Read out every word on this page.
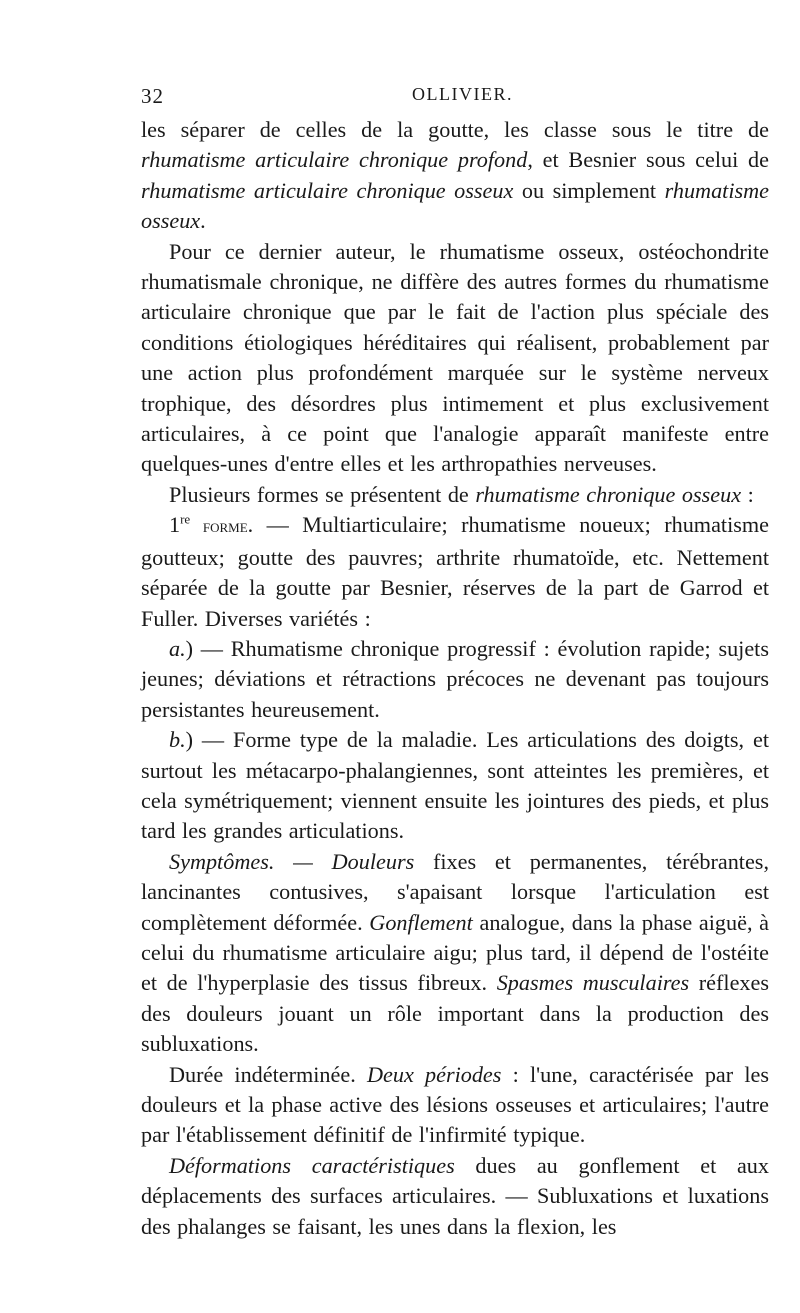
32	OLLIVIER.

les séparer de celles de la goutte, les classe sous le titre de rhumatisme articulaire chronique profond, et Besnier sous celui de rhumatisme articulaire chronique osseux ou simplement rhumatisme osseux.

Pour ce dernier auteur, le rhumatisme osseux, ostéochondrite rhumatismale chronique, ne diffère des autres formes du rhumatisme articulaire chronique que par le fait de l'action plus spéciale des conditions étiologiques héréditaires qui réalisent, probablement par une action plus profondément marquée sur le système nerveux trophique, des désordres plus intimement et plus exclusivement articulaires, à ce point que l'analogie apparaît manifeste entre quelques-unes d'entre elles et les arthropathies nerveuses.

Plusieurs formes se présentent de rhumatisme chronique osseux :

1re forme. — Multiarticulaire; rhumatisme noueux; rhumatisme goutteux; goutte des pauvres; arthrite rhumatoïde, etc. Nettement séparée de la goutte par Besnier, réserves de la part de Garrod et Fuller. Diverses variétés :

a.) — Rhumatisme chronique progressif : évolution rapide; sujets jeunes; déviations et rétractions précoces ne devenant pas toujours persistantes heureusement.

b.) — Forme type de la maladie. Les articulations des doigts, et surtout les métacarpo-phalangiennes, sont atteintes les premières, et cela symétriquement; viennent ensuite les jointures des pieds, et plus tard les grandes articulations.

Symptômes. — Douleurs fixes et permanentes, térébrantes, lancinantes contusives, s'apaisant lorsque l'articulation est complètement déformée. Gonflement analogue, dans la phase aiguë, à celui du rhumatisme articulaire aigu; plus tard, il dépend de l'ostéite et de l'hyperplasie des tissus fibreux. Spasmes musculaires réflexes des douleurs jouant un rôle important dans la production des subluxations.

Durée indéterminée. Deux périodes : l'une, caractérisée par les douleurs et la phase active des lésions osseuses et articulaires; l'autre par l'établissement définitif de l'infirmité typique.

Déformations caractéristiques dues au gonflement et aux déplacements des surfaces articulaires. — Subluxations et luxations des phalanges se faisant, les unes dans la flexion, les
